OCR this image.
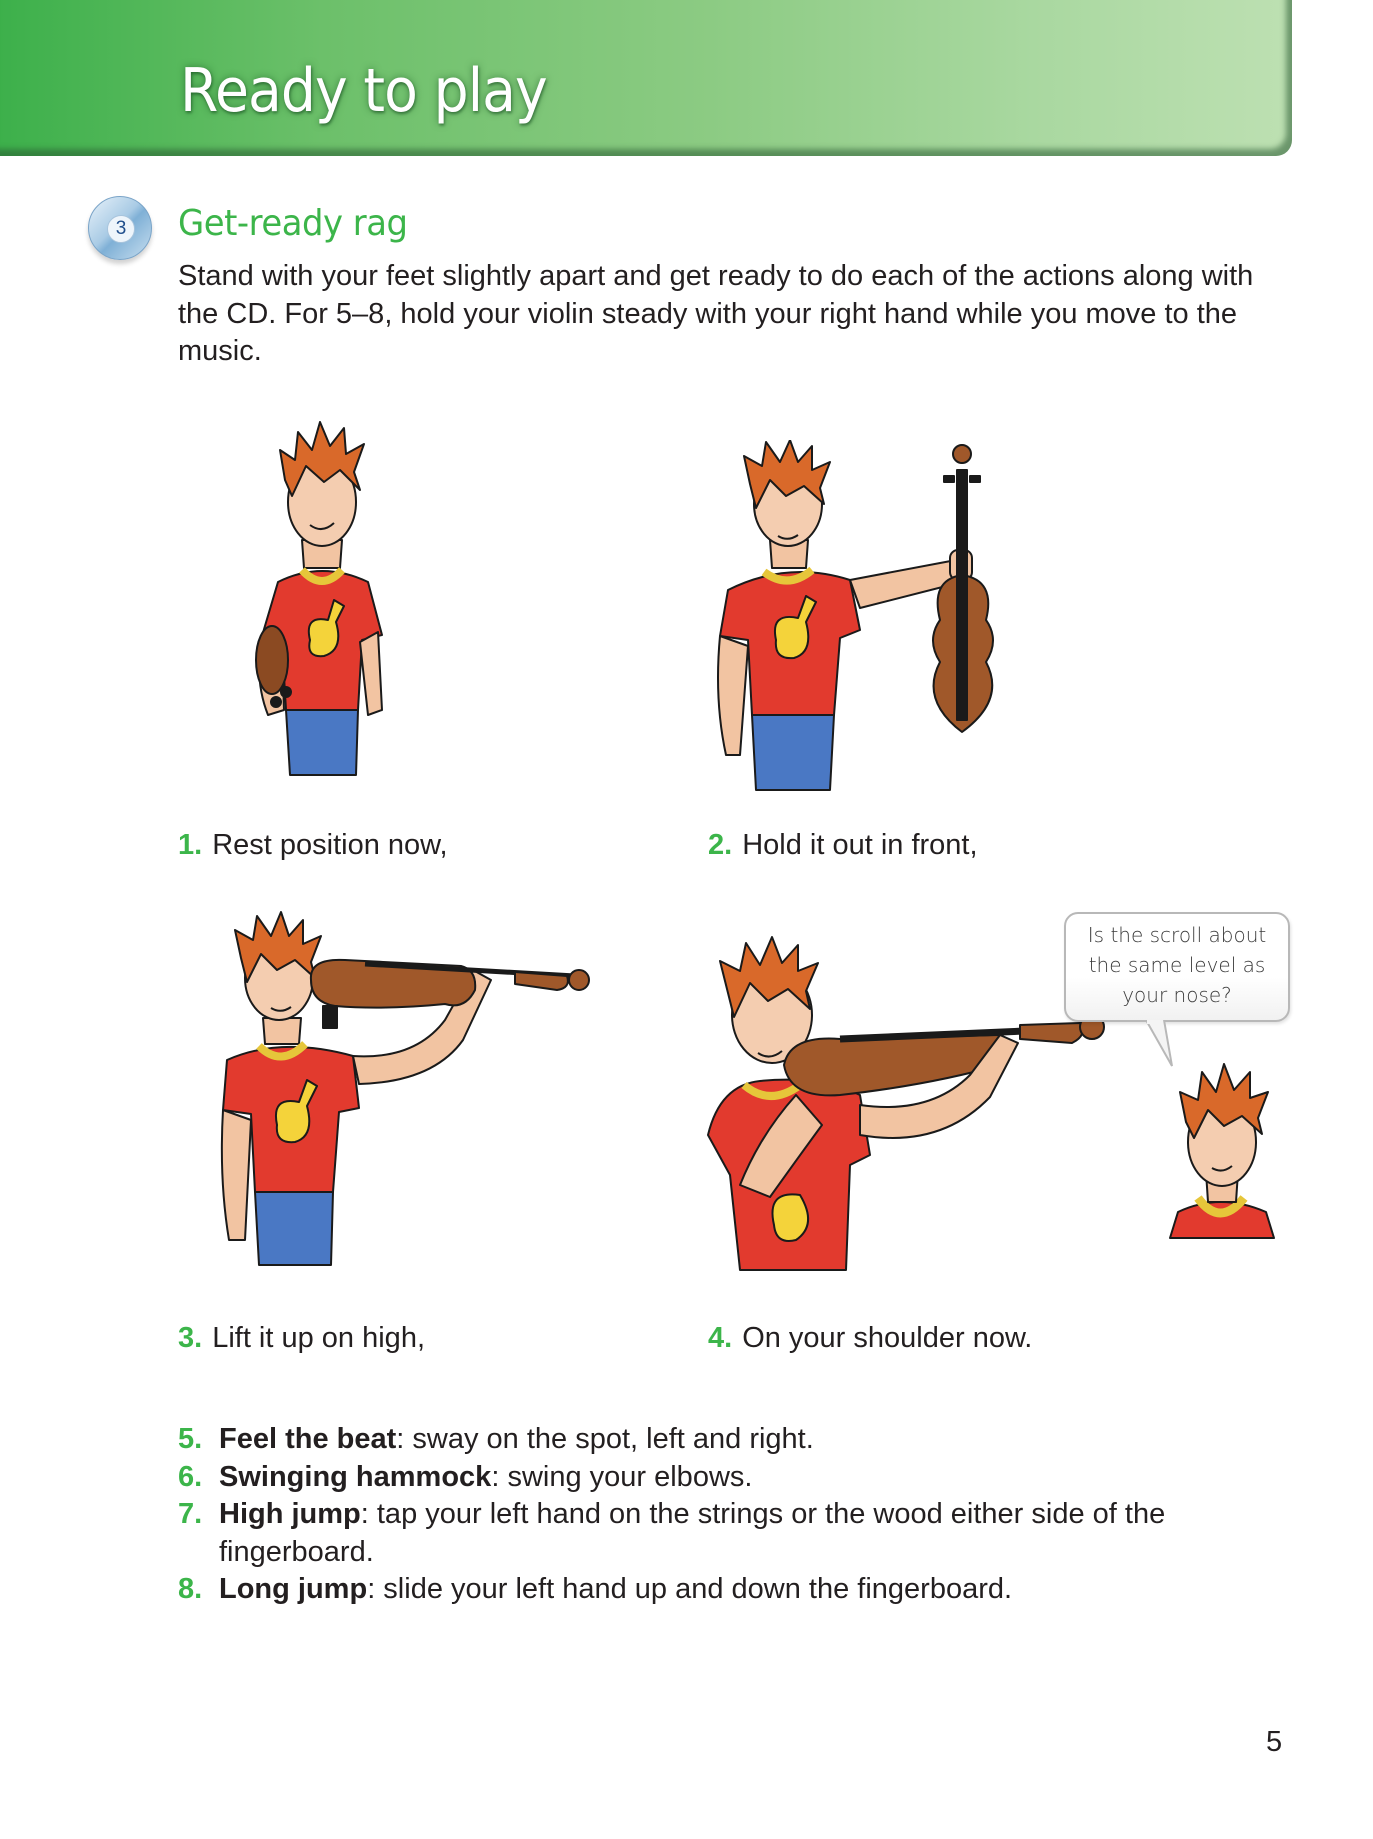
Ready to play
3 Get-ready rag
Stand with your feet slightly apart and get ready to do each of the actions along with the CD. For 5–8, hold your violin steady with your right hand while you move to the music.
Is the scroll about
the same level as
your nose?
1. Rest position now,	2. Hold it out in front,
3. Lift it up on high,	4. On your shoulder now.
5. Feel the beat: sway on the spot, left and right.
6. Swinging hammock: swing your elbows.
7. High jump: tap your left hand on the strings or the wood either side of the fingerboard.
8. Long jump: slide your left hand up and down the fingerboard.
5
